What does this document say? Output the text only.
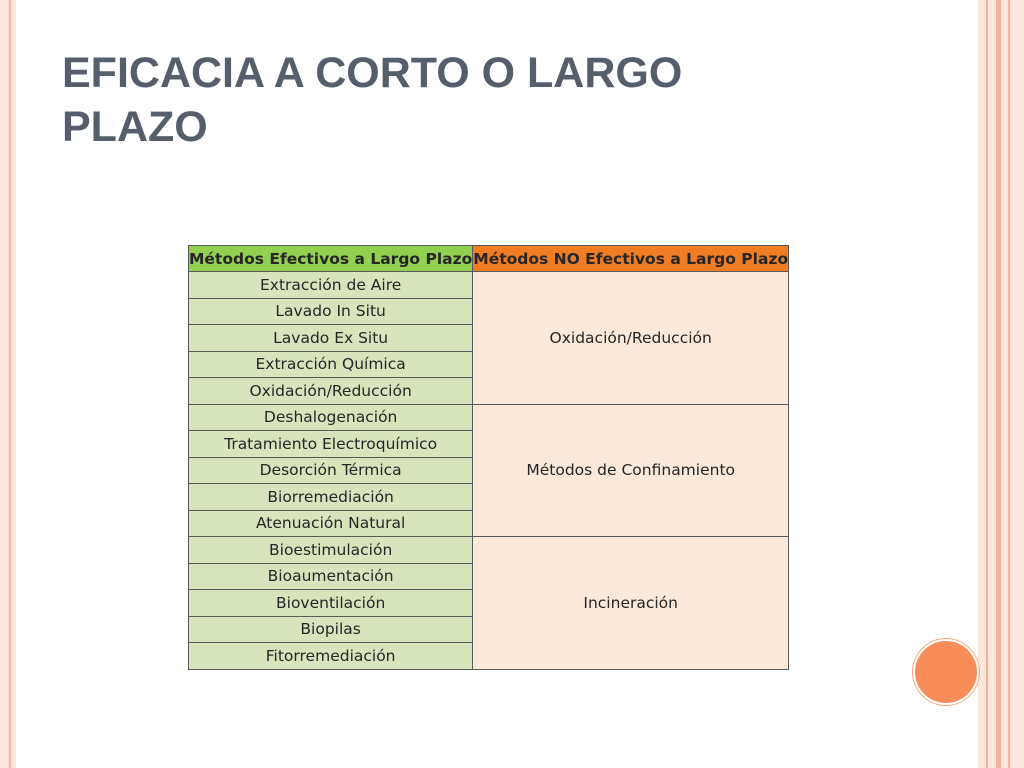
EFICACIA A CORTO O LARGO
PLAZO
Métodos Efectivos a Largo Plazo	Métodos NO Efectivos a Largo Plazo
Extracción de Aire	Oxidación/Reducción
Lavado In Situ	
Lavado Ex Situ	
Extracción Química	
Oxidación/Reducción	
Deshalogenación	Métodos de Confinamiento
Tratamiento Electroquímico	
Desorción Térmica	
Biorremediación	
Atenuación Natural	
Bioestimulación	Incineración
Bioaumentación	
Bioventilación	
Biopilas	
Fitorremediación	
